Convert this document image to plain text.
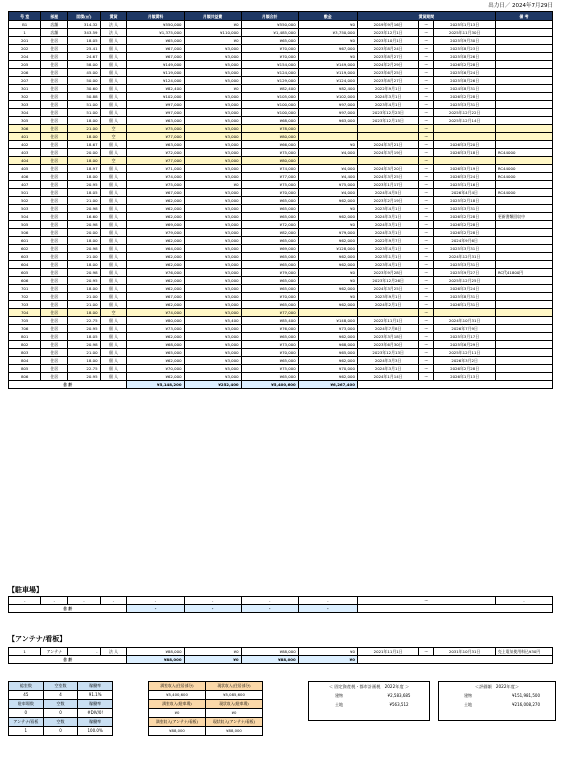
出力日／ 2024年7月29日
号 室	部屋	面積(㎡)	賃貸	月額賃料	月額共益費	月額合計	敷金	賃貸期間			備 考
B1	店舗	314.32	法 人	¥550,000	¥0	¥550,000	¥0	2019年9月16日	〜	2025年1月13日	
1	店舗	343.59	法 人	¥1,375,000	¥110,000	¥1,485,000	¥3,750,000	2023年12月1日	〜	2025年11月30日	
201	住居	18.05	個 人	¥65,000	¥0	¥65,000	¥0	2023年10月1日	〜	2025年9月30日	
202	住居	25.41	個 人	¥67,000	¥3,000	¥70,000	¥67,000	2023年8月24日	〜	2025年8月23日	
204	住居	24.67	個 人	¥67,000	¥3,000	¥70,000	¥0	2023年8月27日	〜	2025年8月26日	
205	住居	58.00	個 人	¥149,000	¥5,000	¥154,000	¥149,000	2024年2月29日	〜	2026年2月28日	
206	住居	45.00	個 人	¥119,000	¥5,000	¥124,000	¥119,000	2023年6月25日	〜	2025年6月24日	
207	住居	50.00	個 人	¥124,000	¥5,000	¥129,000	¥124,000	2023年8月27日	〜	2025年8月26日	
301	住居	30.60	個 人	¥82,400	¥0	¥82,400	¥82,400	2022年9月1日	〜	2024年8月31日	
302	住居	50.88	個 人	¥102,000	¥3,000	¥105,000	¥102,000	2024年3月1日	〜	2026年2月28日	
303	住居	51.00	個 人	¥97,000	¥3,000	¥100,000	¥97,000	2023年4月1日	〜	2025年3月31日	
304	住居	51.00	個 人	¥97,000	¥3,000	¥100,000	¥97,000	2023年12月23日	〜	2025年12月22日	
305	住居	18.00	個 人	¥63,000	¥5,000	¥68,000	¥63,000	2023年12月15日	〜	2025年12月14日	
306	住居	21.00	空	¥75,000	¥3,000	¥78,000			〜		
401	住居	18.00	空	¥77,000	¥3,000	¥80,000			〜		
402	住居	18.67	個 人	¥63,000	¥3,000	¥66,000	¥0	2024年3月21日	〜	2026年3月20日	
403	住居	20.00	個 人	¥72,000	¥3,000	¥75,000	¥4,000	2024年3月19日	〜	2026年3月18日	RC44000
404	住居	18.00	空	¥77,000	¥3,000	¥80,000			〜		
405	住居	18.97	個 人	¥71,000	¥3,000	¥74,000	¥4,000	2024年3月20日	〜	2026年3月19日	RC44000
406	住居	18.00	個 人	¥74,000	¥3,000	¥77,000	¥4,400	2024年3月25日	〜	2026年3月24日	RC44000
407	住居	20.95	個 人	¥75,000	¥0	¥75,000	¥75,000	2023年1月17日	〜	2025年1月16日	
501	住居	18.05	個 人	¥67,000	¥3,000	¥70,000	¥4,000	2024年4月5日	〜	2026年4月4日	RC44000
502	住居	21.00	個 人	¥62,000	¥3,000	¥65,000	¥62,000	2023年2月19日	〜	2025年2月18日	
503	住居	20.98	個 人	¥62,000	¥3,000	¥65,000	¥0	2023年4月1日	〜	2025年3月31日	
504	住居	16.60	個 人	¥62,000	¥3,000	¥65,000	¥62,000	2024年3月1日	〜	2026年2月28日	更新書類回収中
505	住居	20.98	個 人	¥69,000	¥3,000	¥72,000	¥0	2024年3月1日	〜	2026年2月28日	
506	住居	20.00	個 人	¥79,000	¥3,000	¥82,000	¥79,000	2024年3月1日	〜	2026年2月28日	
601	住居	18.00	個 人	¥62,000	¥3,000	¥65,000	¥62,000	2022年9月7日	〜	2024年9月6日	
602	住居	20.98	個 人	¥64,000	¥5,000	¥69,000	¥128,000	2023年4月1日	〜	2025年3月31日	
603	住居	21.00	個 人	¥62,000	¥3,000	¥65,000	¥62,000	2023年1月1日	〜	2024年12月31日	
604	住居	18.00	個 人	¥62,000	¥3,000	¥65,000	¥62,000	2023年4月1日	〜	2025年3月31日	
605	住居	20.98	個 人	¥76,000	¥3,000	¥79,000	¥0	2023年9月28日	〜	2025年9月27日	RC代41800円
606	住居	20.95	個 人	¥62,000	¥3,000	¥65,000	¥0	2023年12月26日	〜	2025年12月25日	
701	住居	18.00	個 人	¥62,000	¥3,000	¥65,000	¥62,000	2024年3月25日	〜	2026年3月24日	
702	住居	21.00	個 人	¥67,000	¥3,000	¥70,000	¥0	2023年9月1日	〜	2025年8月31日	
703	住居	21.00	個 人	¥62,000	¥3,000	¥65,000	¥62,000	2024年2月1日	〜	2026年1月31日	
704	住居	18.00	空	¥74,000	¥3,000	¥77,000			〜		
705	住居	22.75	個 人	¥80,000	¥5,400	¥85,400	¥148,000	2022年11月1日	〜	2024年10月31日	
706	住居	20.95	個 人	¥73,000	¥3,000	¥76,000	¥73,000	2024年7月8日	〜	2026年7月9日	
801	住居	18.05	個 人	¥62,000	¥3,000	¥65,000	¥62,000	2023年3月18日	〜	2025年3月17日	
802	住居	20.98	個 人	¥68,000	¥5,000	¥73,000	¥68,000	2023年6月30日	〜	2025年6月29日	
803	住居	21.00	個 人	¥65,000	¥5,000	¥70,000	¥65,000	2023年12月13日	〜	2025年12月11日	
804	住居	18.00	個 人	¥62,000	¥3,000	¥65,000	¥62,000	2024年3月3日	〜	2026年3月2日	
805	住居	22.75	個 人	¥70,000	¥5,000	¥75,000	¥70,000	2024年3月1日	〜	2026年2月28日	
806	住居	20.95	個 人	¥62,000	¥3,000	¥65,000	¥62,000	2024年1月14日	〜	2026年1月13日	
合 計				¥5,148,200	¥252,400	¥5,400,600	¥6,267,400				
【駐車場】
-	-	-	-	-	-	-	-	〜	-
合 計				-	-	-	-		
【アンテナ/看板】
1	アンテナ	-	法 人	¥88,000	¥0	¥88,000	¥0	2021年11月1日	〜	2031年10月31日	売上電気使用料込¥30円
合 計				¥88,000	¥0	¥88,000	¥0				
総室数	空室数	稼働率
45	4	91.1%
駐車場数	空数	稼働率
0	0	#DIV/0!
アンテナ/看板	空数	稼働率
1	0	100.0%
満室収入(住居部分)	現状収入(住居部分)
¥5,400,600	¥5,085,600
満室収入(駐車場)	現状収入(駐車場)
¥0	¥0
満室収入(アンテナ/看板)	現状収入(アンテナ/看板)
¥88,000	¥88,000
＜ 固定資産税・都市計画税　2022年度 ＞
建物	¥2,583,685
土地	¥563,512
＜評価額　2022年度＞
建物	¥151,981,500
土地	¥216,008,270
